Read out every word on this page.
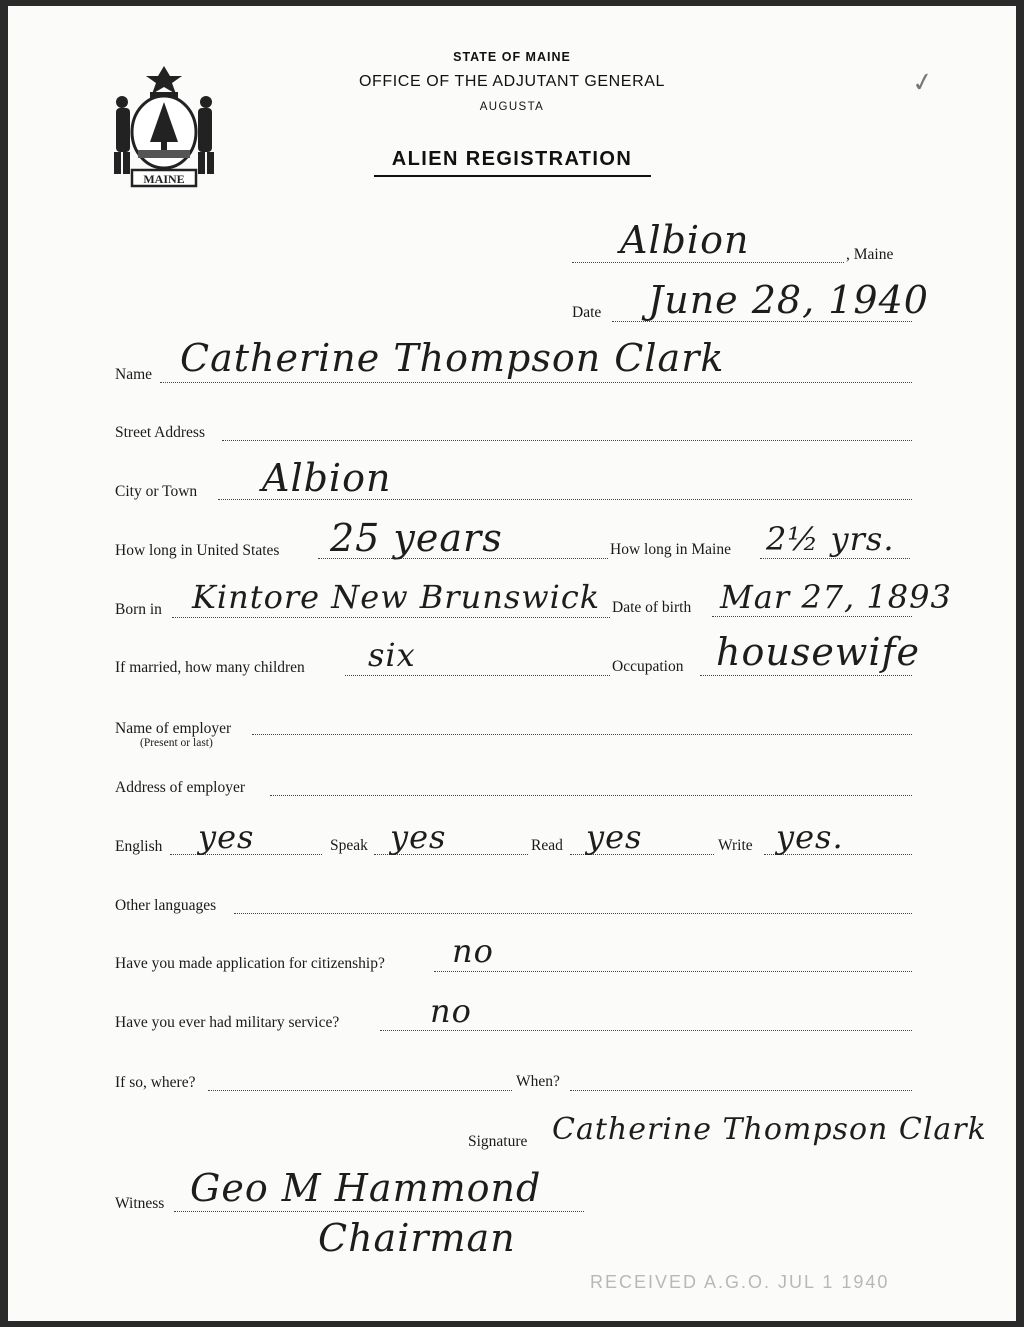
MAINE
STATE OF MAINE
OFFICE OF THE ADJUTANT GENERAL
AUGUSTA
ALIEN REGISTRATION
✓
Albion	, Maine
Date June 28, 1940
Name Catherine Thompson Clark
Street Address
City or Town Albion
How long in United States 25 years	How long in Maine 2½ yrs.
Born in Kintore New Brunswick Date of birth Mar 27, 1893
If married, how many children six	Occupation housewife
Name of employer
(Present or last)
Address of employer
English yes	Speak yes	Read yes	Write yes.
Other languages
Have you made application for citizenship? no
Have you ever had military service?	no
If so, where?	When?
Signature Catherine Thompson Clark
Witness Geo M Hammond
Chairman
RECEIVED A.G.O. JUL 1 1940
